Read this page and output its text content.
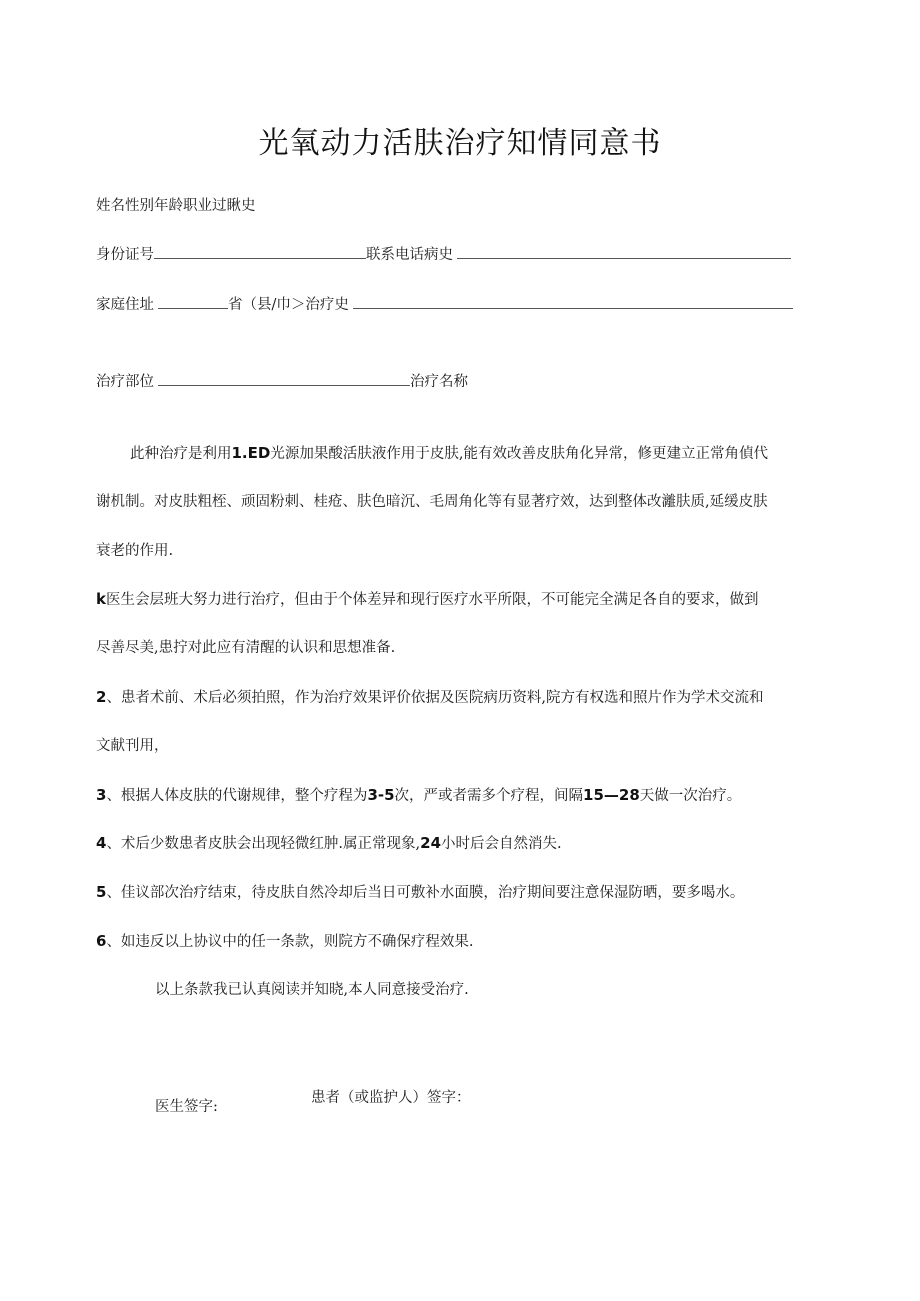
光氧动力活肤治疗知情同意书
姓名性别年龄职业过瞅史
身份证号	联系电话病史
家庭住址	省（县/巾＞治疗史
治疗部位	治疗名称
此种治疗是利用1.ED光源加果酸活肤液作用于皮肤,能有效改善皮肤角化异常，修更建立正常角偵代
谢机制。对皮肤粗桎、顽固粉刺、桂疮、肤色暗沉、毛周角化等有显著疗效，达到整体改灕肤质,延缓皮肤
衰老的作用.
k医生会层班大努力进行治疗，但由于个体差异和现行医疗水平所限，不可能完全满足各自的要求，做到
尽善尽美,患拧对此应有清醒的认识和思想准备.
2、患者术前、术后必须拍照，作为治疗效果评价依据及医院病历资料,院方有权选和照片作为学术交流和
文献刊用，
3、根据人体皮肤的代谢规律，整个疗程为3-5次，严或者需多个疗程，间隔15—28天做一次治疗。
4、术后少数患者皮肤会出现轻微红肿.属正常现象,24小时后会自然消失.
5、佳议部次治疗结束，待皮肤自然冷却后当日可敷补水面膜，治疗期间要注意保湿防晒，要多喝水。
6、如违反以上协议中的任一条款，则院方不确保疗程效果.
以上条款我已认真阅读并知晓,本人同意接受治疗.
医生签字:
患者（或监护人）签字：
